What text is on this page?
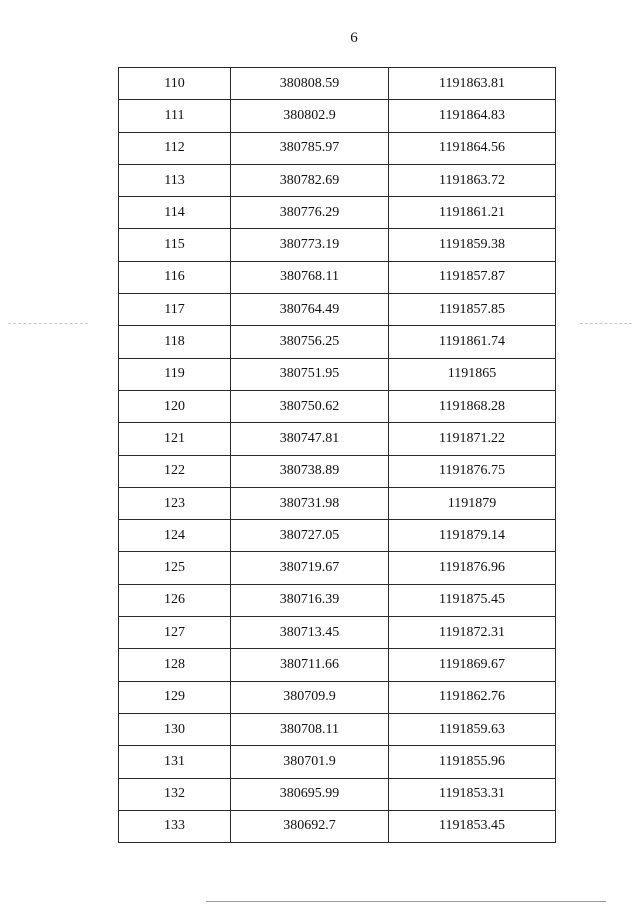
6
110	380808.59	1191863.81
111	380802.9	1191864.83
112	380785.97	1191864.56
113	380782.69	1191863.72
114	380776.29	1191861.21
115	380773.19	1191859.38
116	380768.11	1191857.87
117	380764.49	1191857.85
118	380756.25	1191861.74
119	380751.95	1191865
120	380750.62	1191868.28
121	380747.81	1191871.22
122	380738.89	1191876.75
123	380731.98	1191879
124	380727.05	1191879.14
125	380719.67	1191876.96
126	380716.39	1191875.45
127	380713.45	1191872.31
128	380711.66	1191869.67
129	380709.9	1191862.76
130	380708.11	1191859.63
131	380701.9	1191855.96
132	380695.99	1191853.31
133	380692.7	1191853.45
